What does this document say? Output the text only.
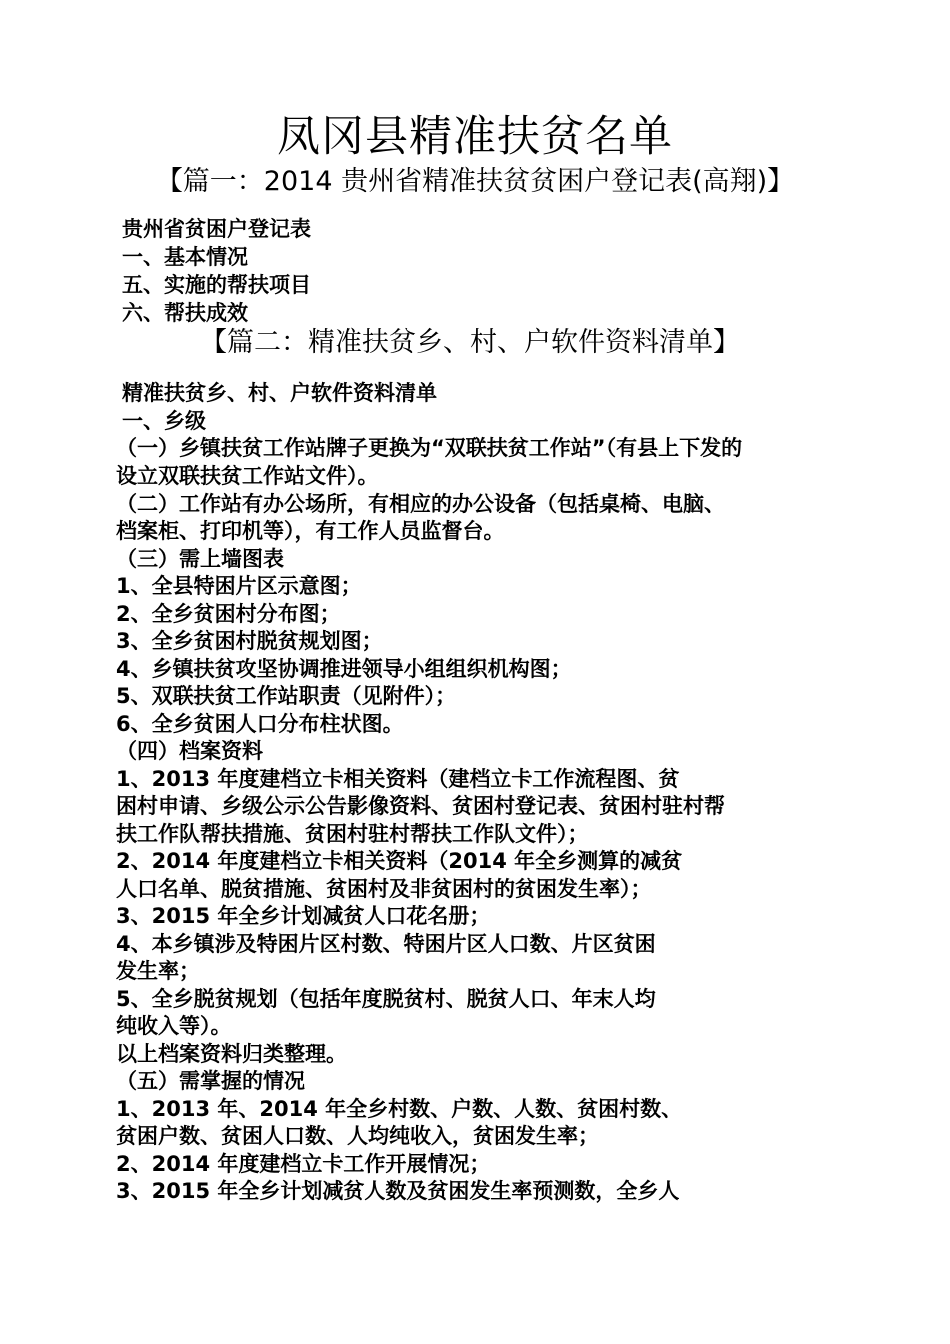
凤冈县精准扶贫名单
【篇一：2014 贵州省精准扶贫贫困户登记表(高翔)】
贵州省贫困户登记表
一、基本情况
五、实施的帮扶项目
六、帮扶成效
【篇二：精准扶贫乡、村、户软件资料清单】
精准扶贫乡、村、户软件资料清单
一、乡级
（一）乡镇扶贫工作站牌子更换为“双联扶贫工作站”（有县上下发的
设立双联扶贫工作站文件）。
（二）工作站有办公场所，有相应的办公设备（包括桌椅、电脑、
档案柜、打印机等），有工作人员监督台。
（三）需上墙图表
1、全县特困片区示意图；
2、全乡贫困村分布图；
3、全乡贫困村脱贫规划图；
4、乡镇扶贫攻坚协调推进领导小组组织机构图；
5、双联扶贫工作站职责（见附件）；
6、全乡贫困人口分布柱状图。
（四）档案资料
1、2013 年度建档立卡相关资料（建档立卡工作流程图、贫
困村申请、乡级公示公告影像资料、贫困村登记表、贫困村驻村帮
扶工作队帮扶措施、贫困村驻村帮扶工作队文件）；
2、2014 年度建档立卡相关资料（2014 年全乡测算的减贫
人口名单、脱贫措施、贫困村及非贫困村的贫困发生率）；
3、2015 年全乡计划减贫人口花名册；
4、本乡镇涉及特困片区村数、特困片区人口数、片区贫困
发生率；
5、全乡脱贫规划（包括年度脱贫村、脱贫人口、年末人均
纯收入等）。
以上档案资料归类整理。
（五）需掌握的情况
1、2013 年、2014 年全乡村数、户数、人数、贫困村数、
贫困户数、贫困人口数、人均纯收入，贫困发生率；
2、2014 年度建档立卡工作开展情况；
3、2015 年全乡计划减贫人数及贫困发生率预测数，全乡人
